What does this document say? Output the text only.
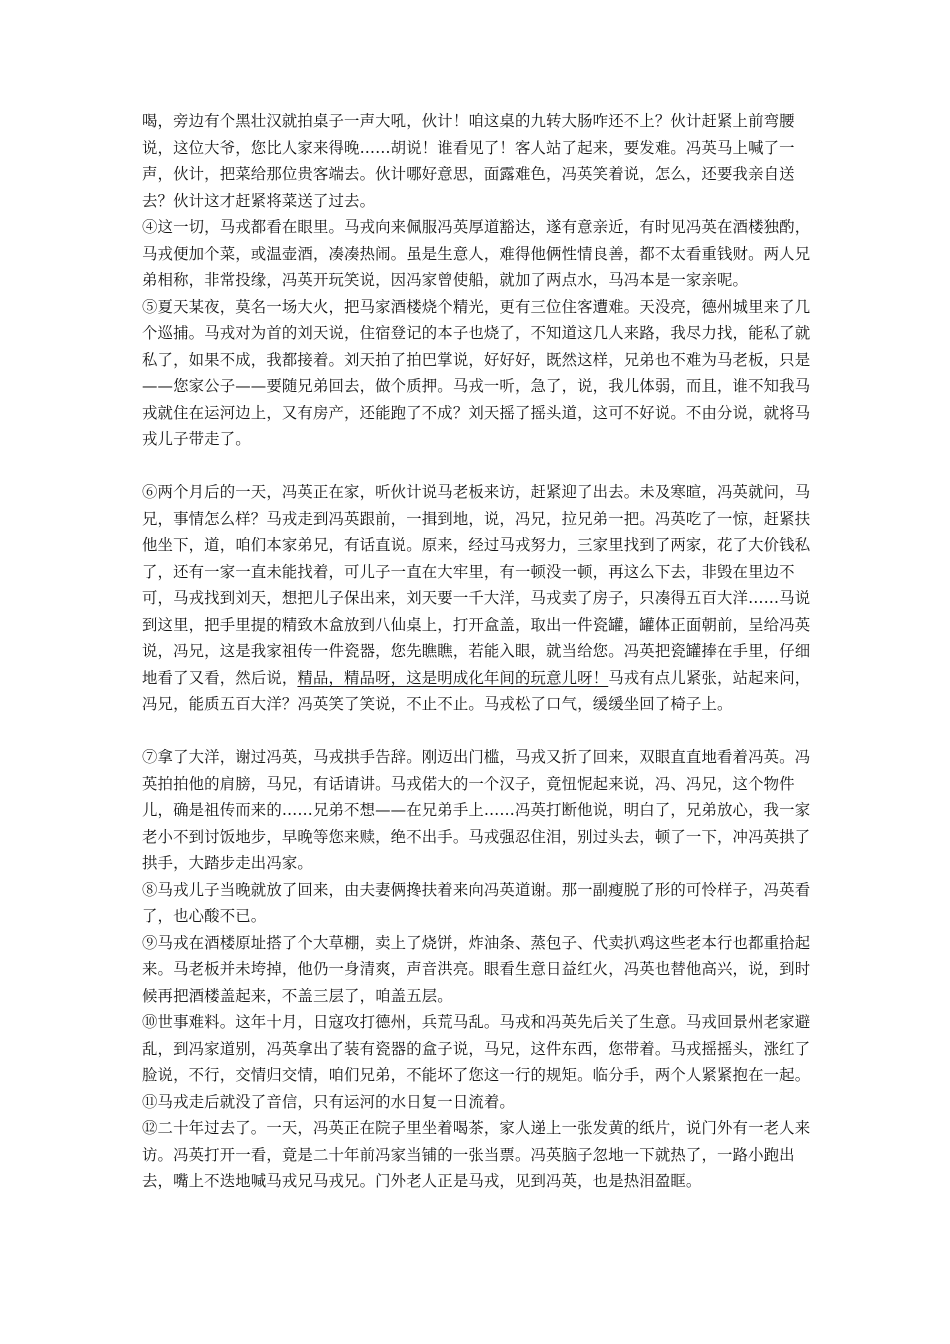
喝，旁边有个黑壮汉就拍桌子一声大吼，伙计！咱这桌的九转大肠咋还不上？伙计赶紧上前弯腰说，这位大爷，您比人家来得晚……胡说！谁看见了！客人站了起来，要发难。冯英马上喊了一声，伙计，把菜给那位贵客端去。伙计哪好意思，面露难色，冯英笑着说，怎么，还要我亲自送去？伙计这才赶紧将菜送了过去。

④这一切，马戎都看在眼里。马戎向来佩服冯英厚道豁达，遂有意亲近，有时见冯英在酒楼独酌，马戎便加个菜，或温壶酒，凑凑热闹。虽是生意人，难得他俩性情良善，都不太看重钱财。两人兄弟相称，非常投缘，冯英开玩笑说，因冯家曾使船，就加了两点水，马冯本是一家亲呢。

⑤夏天某夜，莫名一场大火，把马家酒楼烧个精光，更有三位住客遭难。天没亮，德州城里来了几个巡捕。马戎对为首的刘天说，住宿登记的本子也烧了，不知道这几人来路，我尽力找，能私了就私了，如果不成，我都接着。刘天拍了拍巴掌说，好好好，既然这样，兄弟也不难为马老板，只是——您家公子——要随兄弟回去，做个质押。马戎一听，急了，说，我儿体弱，而且，谁不知我马戎就住在运河边上，又有房产，还能跑了不成？刘天摇了摇头道，这可不好说。不由分说，就将马戎儿子带走了。

⑥两个月后的一天，冯英正在家，听伙计说马老板来访，赶紧迎了出去。未及寒暄，冯英就问，马兄，事情怎么样？马戎走到冯英跟前，一揖到地，说，冯兄，拉兄弟一把。冯英吃了一惊，赶紧扶他坐下，道，咱们本家弟兄，有话直说。原来，经过马戎努力，三家里找到了两家，花了大价钱私了，还有一家一直未能找着，可儿子一直在大牢里，有一顿没一顿，再这么下去，非毁在里边不可，马戎找到刘天，想把儿子保出来，刘天要一千大洋，马戎卖了房子，只凑得五百大洋……马说到这里，把手里提的精致木盒放到八仙桌上，打开盒盖，取出一件瓷罐，罐体正面朝前，呈给冯英说，冯兄，这是我家祖传一件瓷器，您先瞧瞧，若能入眼，就当给您。冯英把瓷罐捧在手里，仔细地看了又看，然后说，精品，精品呀，这是明成化年间的玩意儿呀！马戎有点儿紧张，站起来问，冯兄，能质五百大洋？冯英笑了笑说，不止不止。马戎松了口气，缓缓坐回了椅子上。

⑦拿了大洋，谢过冯英，马戎拱手告辞。刚迈出门槛，马戎又折了回来，双眼直直地看着冯英。冯英拍拍他的肩膀，马兄，有话请讲。马戎偌大的一个汉子，竟忸怩起来说，冯、冯兄，这个物件儿，确是祖传而来的……兄弟不想——在兄弟手上……冯英打断他说，明白了，兄弟放心，我一家老小不到讨饭地步，早晚等您来赎，绝不出手。马戎强忍住泪，别过头去，顿了一下，冲冯英拱了拱手，大踏步走出冯家。

⑧马戎儿子当晚就放了回来，由夫妻俩搀扶着来向冯英道谢。那一副瘦脱了形的可怜样子，冯英看了，也心酸不已。

⑨马戎在酒楼原址搭了个大草棚，卖上了烧饼，炸油条、蒸包子、代卖扒鸡这些老本行也都重拾起来。马老板并未垮掉，他仍一身清爽，声音洪亮。眼看生意日益红火，冯英也替他高兴，说，到时候再把酒楼盖起来，不盖三层了，咱盖五层。

⑩世事难料。这年十月，日寇攻打德州，兵荒马乱。马戎和冯英先后关了生意。马戎回景州老家避乱，到冯家道别，冯英拿出了装有瓷器的盒子说，马兄，这件东西，您带着。马戎摇摇头，涨红了脸说，不行，交情归交情，咱们兄弟，不能坏了您这一行的规矩。临分手，两个人紧紧抱在一起。

⑪马戎走后就没了音信，只有运河的水日复一日流着。

⑫二十年过去了。一天，冯英正在院子里坐着喝茶，家人递上一张发黄的纸片，说门外有一老人来访。冯英打开一看，竟是二十年前冯家当铺的一张当票。冯英脑子忽地一下就热了，一路小跑出去，嘴上不迭地喊马戎兄马戎兄。门外老人正是马戎，见到冯英，也是热泪盈眶。
